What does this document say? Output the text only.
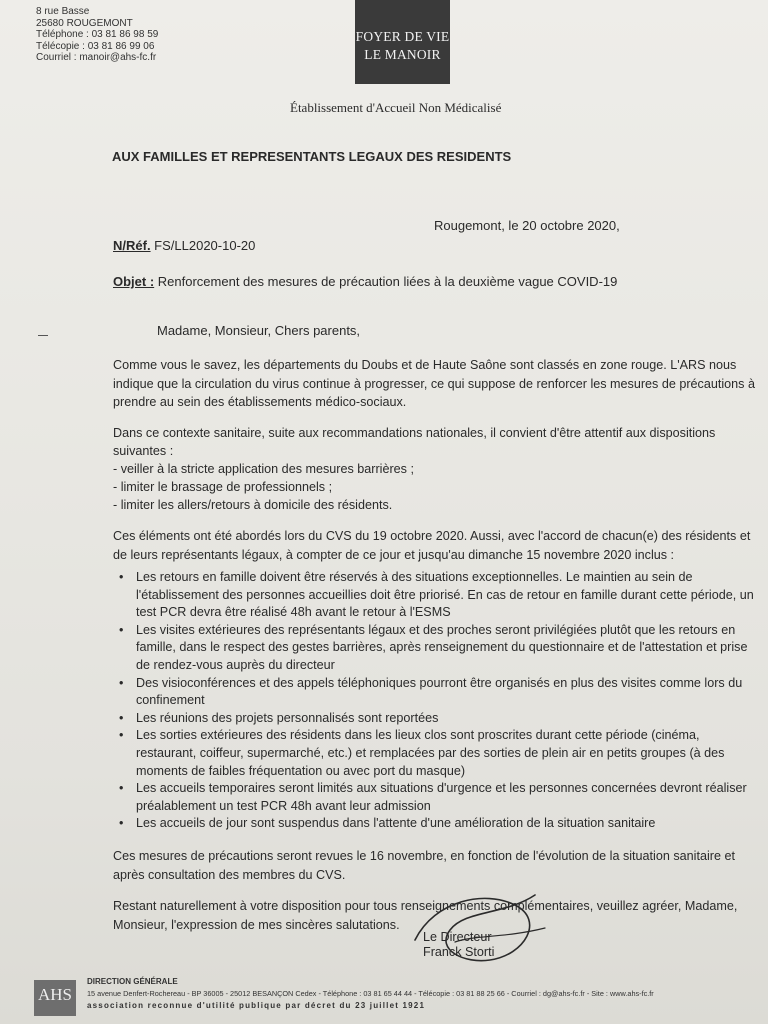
8 rue Basse
25680 ROUGEMONT
Téléphone : 03 81 86 98 59
Télécopie : 03 81 86 99 06
Courriel : manoir@ahs-fc.fr
FOYER DE VIE
LE MANOIR
Établissement d'Accueil Non Médicalisé
AUX FAMILLES ET REPRESENTANTS LEGAUX DES RESIDENTS
Rougemont, le 20 octobre 2020,
N/Réf. FS/LL2020-10-20
Objet : Renforcement des mesures de précaution liées à la deuxième vague COVID-19
Madame, Monsieur, Chers parents,
Comme vous le savez, les départements du Doubs et de Haute Saône sont classés en zone rouge. L'ARS nous
indique que la circulation du virus continue à progresser, ce qui suppose de renforcer les mesures de précautions à
prendre au sein des établissements médico-sociaux.
Dans ce contexte sanitaire, suite aux recommandations nationales, il convient d'être attentif aux dispositions
suivantes :
- veiller à la stricte application des mesures barrières ;
- limiter le brassage de professionnels ;
- limiter les allers/retours à domicile des résidents.
Ces éléments ont été abordés lors du CVS du 19 octobre 2020. Aussi, avec l'accord de chacun(e) des résidents et
de leurs représentants légaux, à compter de ce jour et jusqu'au dimanche 15 novembre 2020 inclus :
• Les retours en famille doivent être réservés à des situations exceptionnelles. Le maintien au sein de
l'établissement des personnes accueillies doit être priorisé. En cas de retour en famille durant cette période, un
test PCR devra être réalisé 48h avant le retour à l'ESMS
• Les visites extérieures des représentants légaux et des proches seront privilégiées plutôt que les retours en
famille, dans le respect des gestes barrières, après renseignement du questionnaire et de l'attestation et prise
de rendez-vous auprès du directeur
• Des visioconférences et des appels téléphoniques pourront être organisés en plus des visites comme lors du
confinement
• Les réunions des projets personnalisés sont reportées
• Les sorties extérieures des résidents dans les lieux clos sont proscrites durant cette période (cinéma,
restaurant, coiffeur, supermarché, etc.) et remplacées par des sorties de plein air en petits groupes (à des
moments de faibles fréquentation ou avec port du masque)
• Les accueils temporaires seront limités aux situations d'urgence et les personnes concernées devront réaliser
préalablement un test PCR 48h avant leur admission
• Les accueils de jour sont suspendus dans l'attente d'une amélioration de la situation sanitaire
Ces mesures de précautions seront revues le 16 novembre, en fonction de l'évolution de la situation sanitaire et
après consultation des membres du CVS.
Restant naturellement à votre disposition pour tous renseignements complémentaires, veuillez agréer, Madame,
Monsieur, l'expression de mes sincères salutations.
Le Directeur
Franck Storti
AHS
DIRECTION GÉNÉRALE
15 avenue Denfert-Rochereau - BP 36005 - 25012 BESANÇON Cedex - Téléphone : 03 81 65 44 44 - Télécopie : 03 81 88 25 66 - Courriel : dg@ahs-fc.fr - Site : www.ahs-fc.fr
association reconnue d'utilité publique par décret du 23 juillet 1921
